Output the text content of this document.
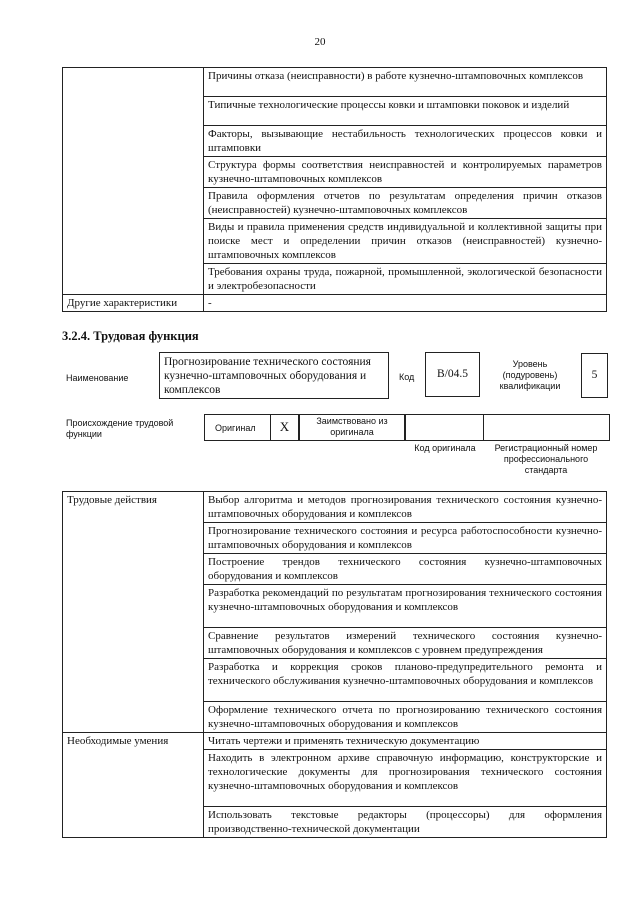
20
	Причины отказа (неисправности) в работе кузнечно-штамповочных комплексов
	Типичные технологические процессы ковки и штамповки поковок и изделий
	Факторы, вызывающие нестабильность технологических процессов ковки и штамповки
	Структура формы соответствия неисправностей и контролируемых параметров кузнечно-штамповочных комплексов
	Правила оформления отчетов по результатам определения причин отказов (неисправностей) кузнечно-штамповочных комплексов
	Виды и правила применения средств индивидуальной и коллективной защиты при поиске мест и определении причин отказов (неисправностей) кузнечно-штамповочных комплексов
	Требования охраны труда, пожарной, промышленной, экологической безопасности и электробезопасности
Другие характеристики	-
3.2.4. Трудовая функция
Наименование
Прогнозирование технического состояния кузнечно-штамповочных оборудования и комплексов
Код	B/04.5
Уровень (подуровень) квалификации
5
Происхождение трудовой функции
Оригинал	X	Заимствовано из оригинала
Код оригинала	Регистрационный номер профессионального стандарта
Трудовые действия	Выбор алгоритма и методов прогнозирования технического состояния кузнечно-штамповочных оборудования и комплексов
	Прогнозирование технического состояния и ресурса работоспособности кузнечно-штамповочных оборудования и комплексов
	Построение трендов технического состояния кузнечно-штамповочных оборудования и комплексов
	Разработка рекомендаций по результатам прогнозирования технического состояния кузнечно-штамповочных оборудования и комплексов
	Сравнение результатов измерений технического состояния кузнечно-штамповочных оборудования и комплексов с уровнем предупреждения
	Разработка и коррекция сроков планово-предупредительного ремонта и технического обслуживания кузнечно-штамповочных оборудования и комплексов
	Оформление технического отчета по прогнозированию технического состояния кузнечно-штамповочных оборудования и комплексов
Необходимые умения	Читать чертежи и применять техническую документацию
	Находить в электронном архиве справочную информацию, конструкторские и технологические документы для прогнозирования технического состояния кузнечно-штамповочных оборудования и комплексов
	Использовать текстовые редакторы (процессоры) для оформления производственно-технической документации
